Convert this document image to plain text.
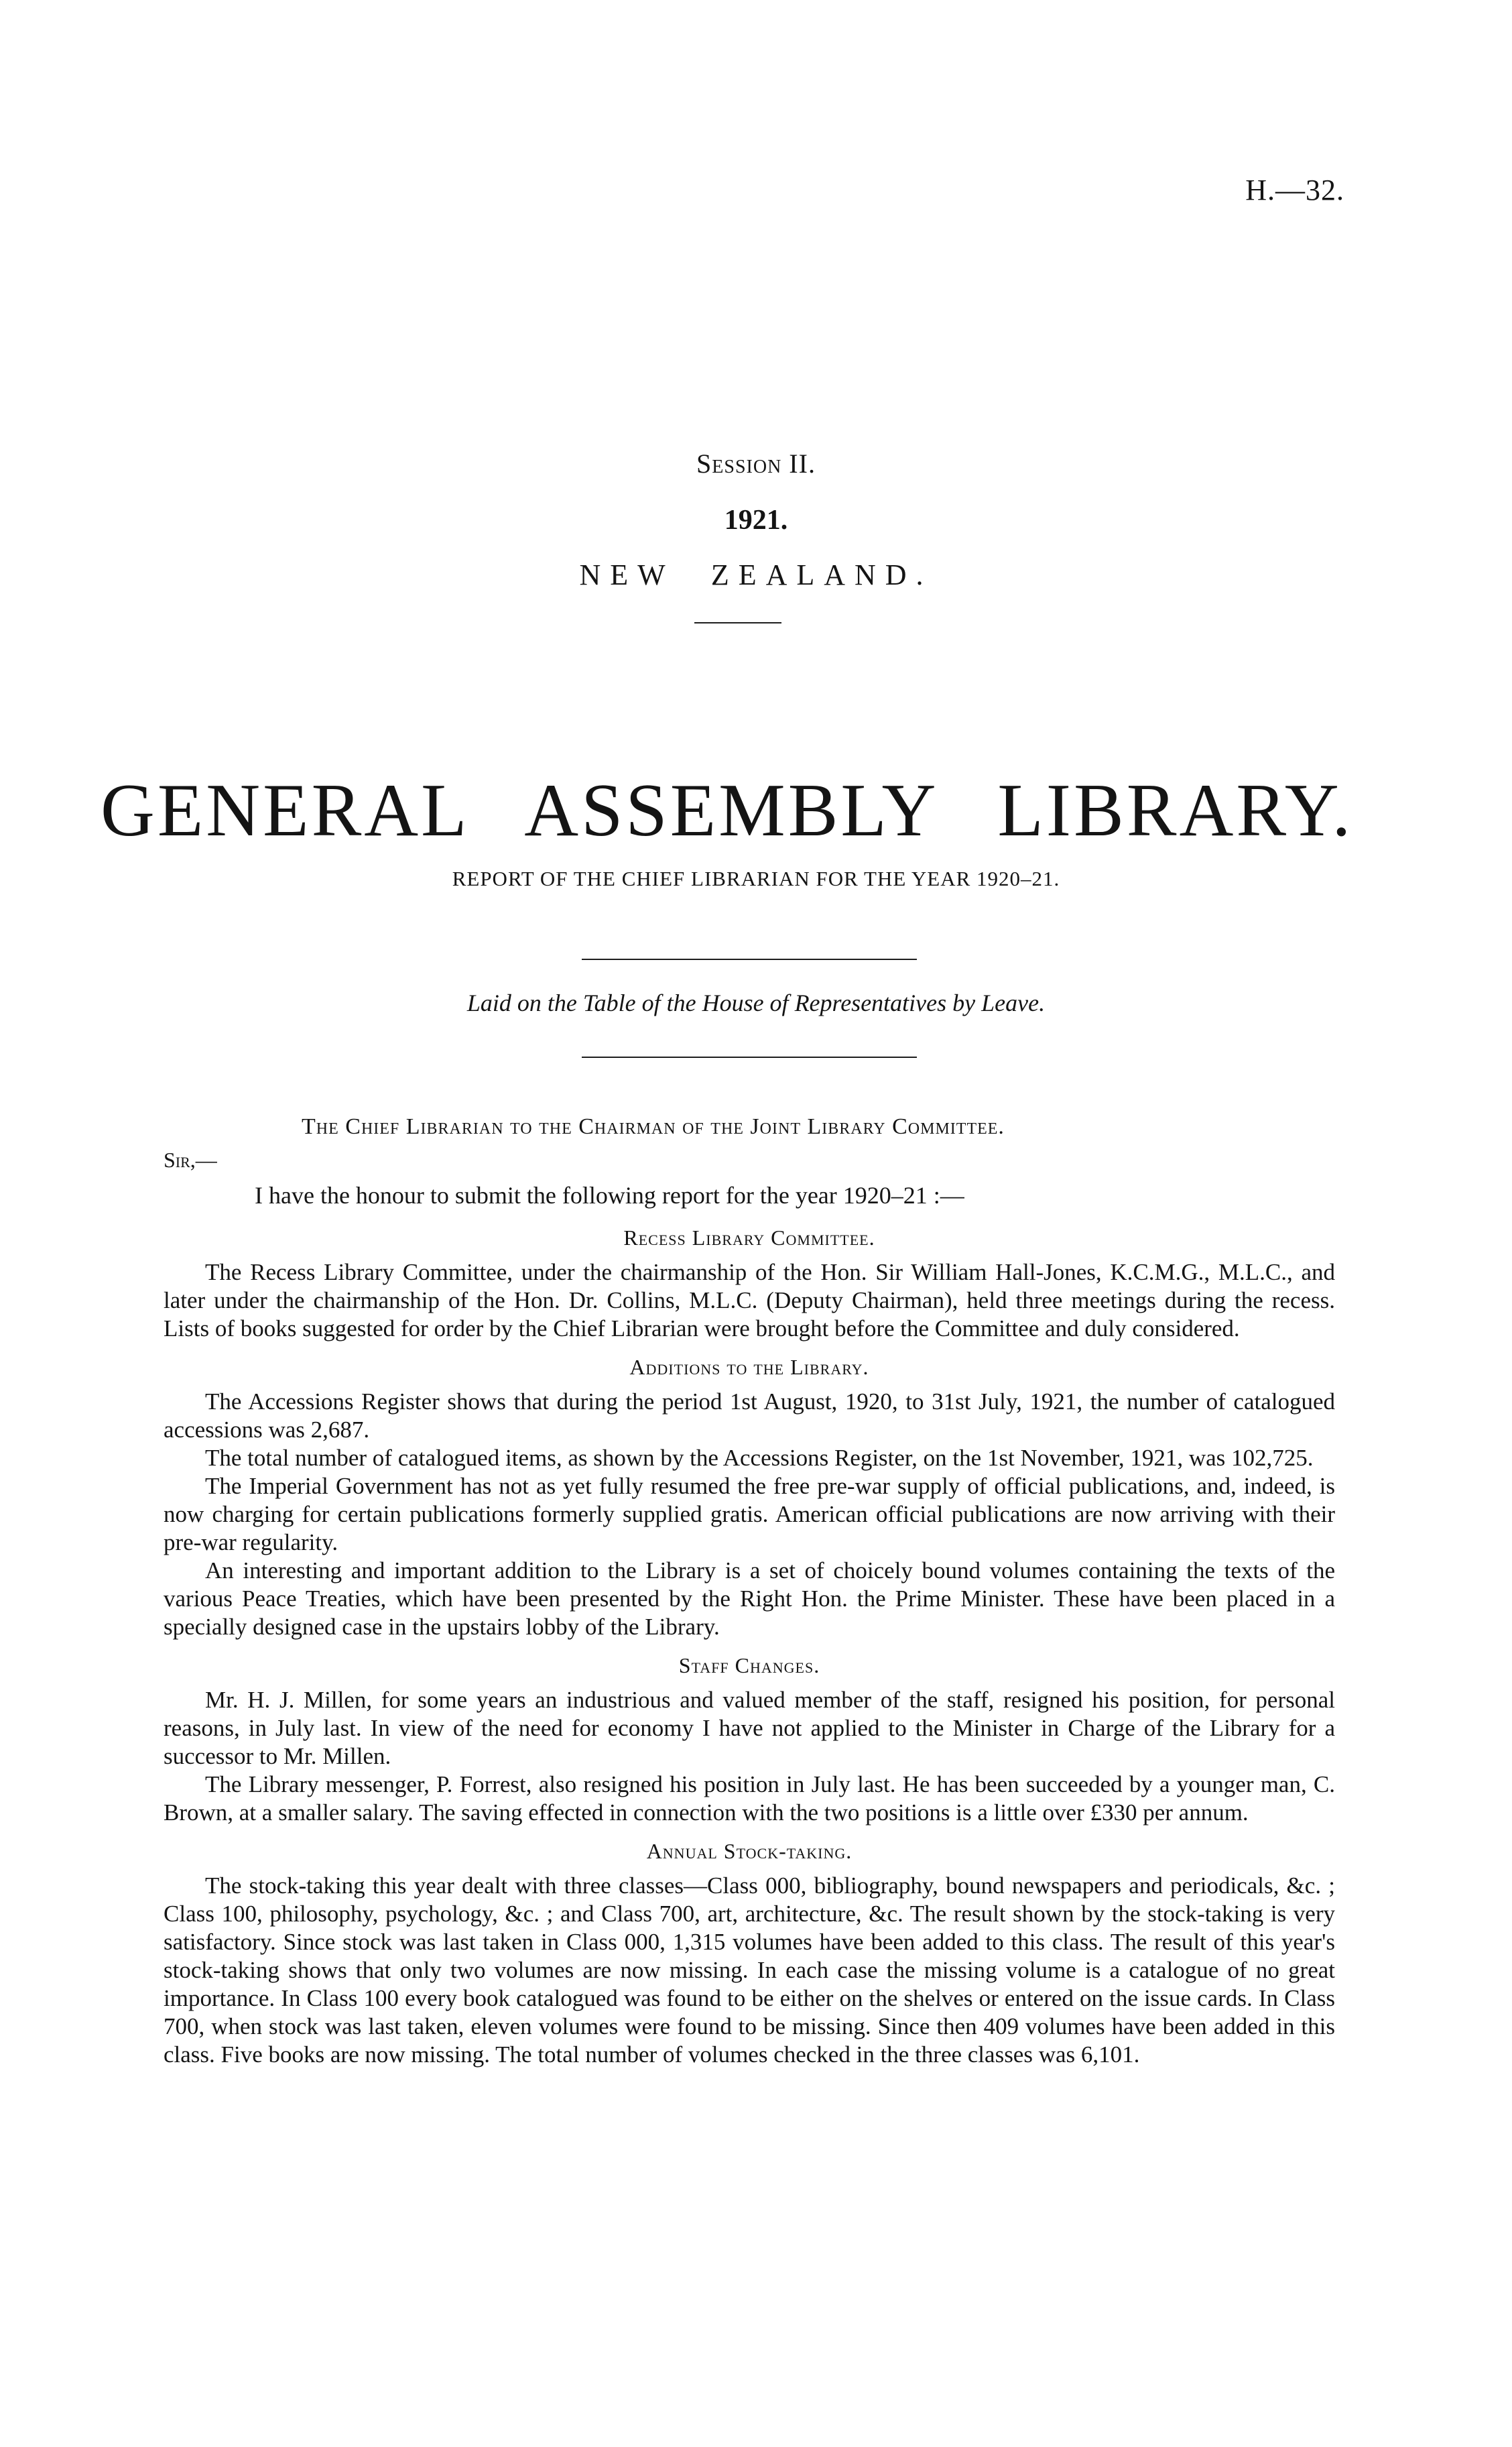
H.—32.
Session II.
1921.
NEW ZEALAND.
GENERAL ASSEMBLY LIBRARY.
REPORT OF THE CHIEF LIBRARIAN FOR THE YEAR 1920–21.
Laid on the Table of the House of Representatives by Leave.
The Chief Librarian to the Chairman of the Joint Library Committee.
Sir,—
I have the honour to submit the following report for the year 1920–21 :—
Recess Library Committee.

The Recess Library Committee, under the chairmanship of the Hon. Sir William Hall-Jones, K.C.M.G., M.L.C., and later under the chairmanship of the Hon. Dr. Collins, M.L.C. (Deputy Chairman), held three meetings during the recess. Lists of books suggested for order by the Chief Librarian were brought before the Committee and duly considered.

Additions to the Library.

The Accessions Register shows that during the period 1st August, 1920, to 31st July, 1921, the number of catalogued accessions was 2,687.

The total number of catalogued items, as shown by the Accessions Register, on the 1st November, 1921, was 102,725.

The Imperial Government has not as yet fully resumed the free pre-war supply of official publications, and, indeed, is now charging for certain publications formerly supplied gratis. American official publications are now arriving with their pre-war regularity.

An interesting and important addition to the Library is a set of choicely bound volumes containing the texts of the various Peace Treaties, which have been presented by the Right Hon. the Prime Minister. These have been placed in a specially designed case in the upstairs lobby of the Library.

Staff Changes.

Mr. H. J. Millen, for some years an industrious and valued member of the staff, resigned his position, for personal reasons, in July last. In view of the need for economy I have not applied to the Minister in Charge of the Library for a successor to Mr. Millen.

The Library messenger, P. Forrest, also resigned his position in July last. He has been succeeded by a younger man, C. Brown, at a smaller salary. The saving effected in connection with the two positions is a little over £330 per annum.

Annual Stock-taking.

The stock-taking this year dealt with three classes—Class 000, bibliography, bound newspapers and periodicals, &c. ; Class 100, philosophy, psychology, &c. ; and Class 700, art, architecture, &c. The result shown by the stock-taking is very satisfactory. Since stock was last taken in Class 000, 1,315 volumes have been added to this class. The result of this year's stock-taking shows that only two volumes are now missing. In each case the missing volume is a catalogue of no great importance. In Class 100 every book catalogued was found to be either on the shelves or entered on the issue cards. In Class 700, when stock was last taken, eleven volumes were found to be missing. Since then 409 volumes have been added in this class. Five books are now missing. The total number of volumes checked in the three classes was 6,101.
